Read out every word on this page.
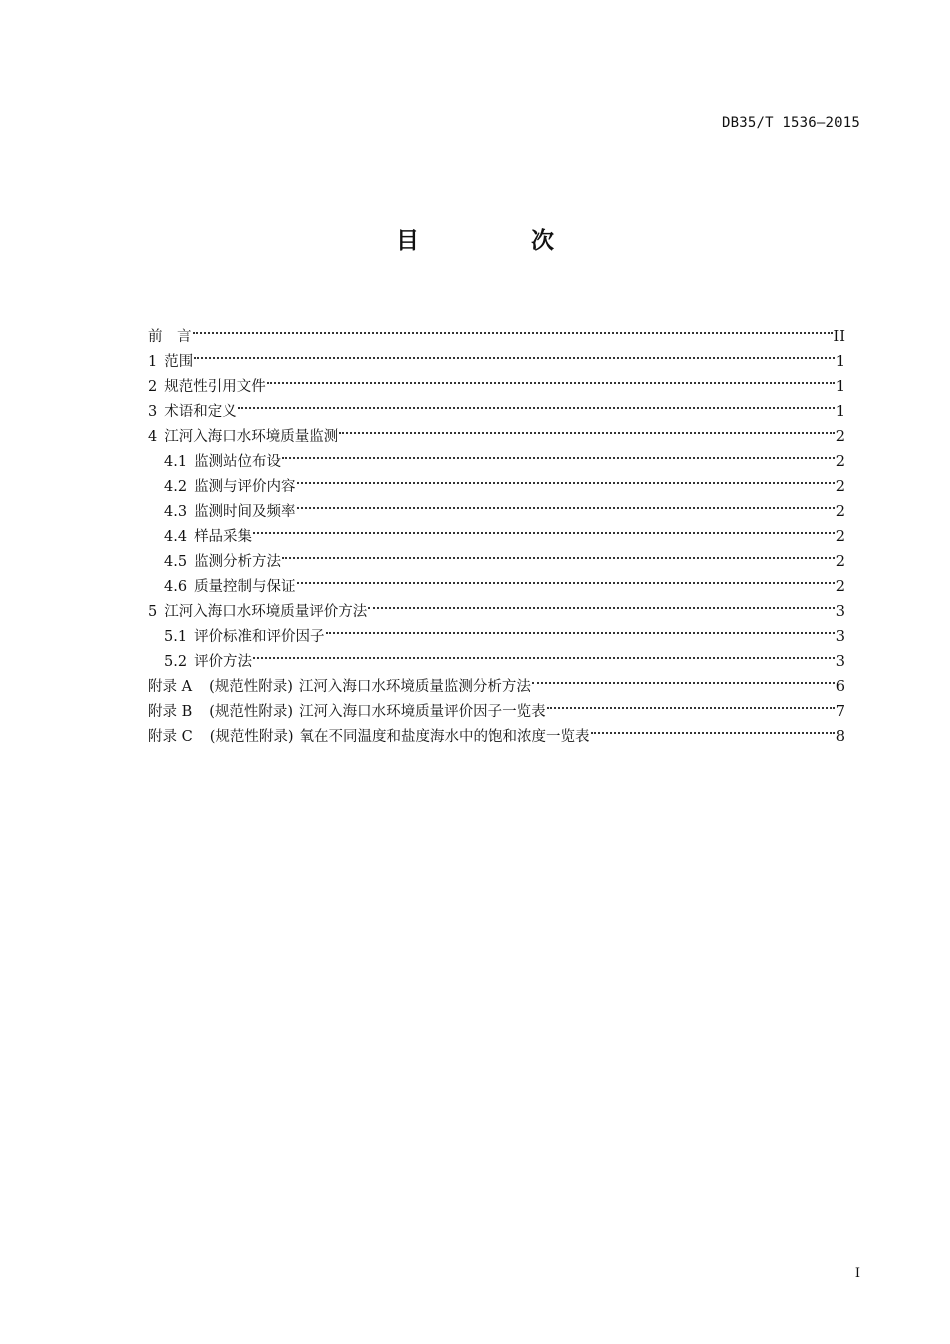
DB35/T 1536—2015
目 次
前　言	II
1 范围	1
2 规范性引用文件	1
3 术语和定义	1
4 江河入海口水环境质量监测	2
4.1 监测站位布设	2
4.2 监测与评价内容	2
4.3 监测时间及频率	2
4.4 样品采集	2
4.5 监测分析方法	2
4.6 质量控制与保证	2
5 江河入海口水环境质量评价方法	3
5.1 评价标准和评价因子	3
5.2 评价方法	3
附录 A (规范性附录) 江河入海口水环境质量监测分析方法	6
附录 B (规范性附录) 江河入海口水环境质量评价因子一览表	7
附录 C (规范性附录) 氧在不同温度和盐度海水中的饱和浓度一览表	8
I
